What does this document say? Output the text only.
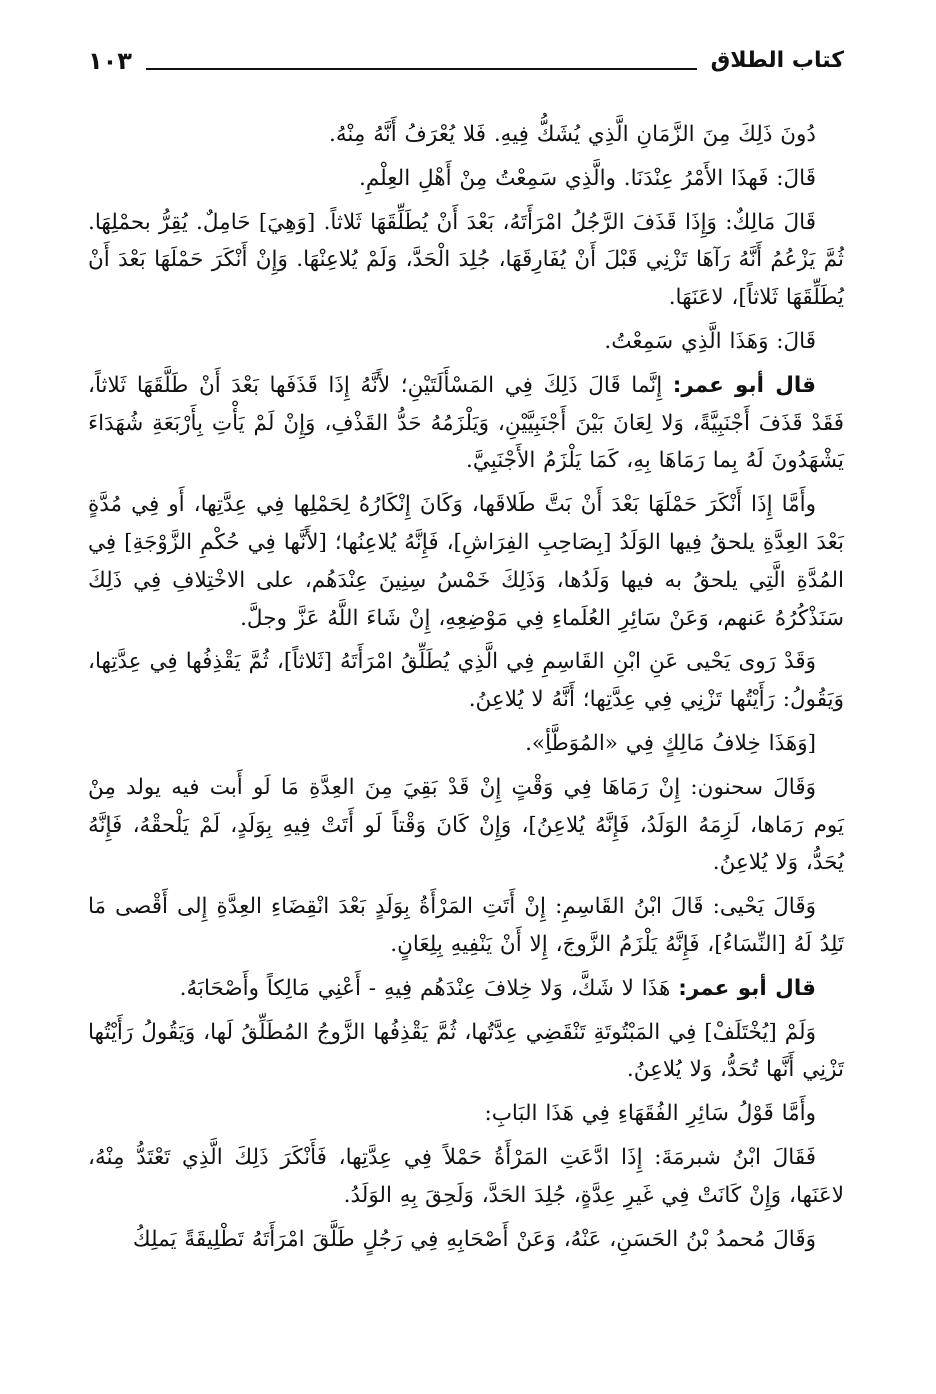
كتاب الطلاق
١٠٣

دُونَ ذَلِكَ مِنَ الزَّمَانِ الَّذِي يُشَكُّ فِيهِ. فَلا يُعْرَفُ أَنَّهُ مِنْهُ.

قَالَ: فَهذَا الأَمْرُ عِنْدَنَا. والَّذِي سَمِعْتُ مِنْ أَهْلِ العِلْمِ.

قَالَ مَالِكٌ: وَإِذَا قَذَفَ الرَّجُلُ امْرَأَتَهُ، بَعْدَ أَنْ يُطَلِّقَهَا ثَلاثاً. [وَهِيَ] حَامِلٌ. يُقِرُّ بحمْلِهَا. ثُمَّ يَزْعُمُ أَنَّهُ رَآهَا تَزْنِي قَبْلَ أَنْ يُفَارِقَهَا، جُلِدَ الْحَدَّ، وَلَمْ يُلاعِنْهَا. وَإِنْ أَنْكَرَ حَمْلَهَا بَعْدَ أَنْ يُطَلِّقَهَا ثَلاثاً]، لاعَنَهَا.

قَالَ: وَهَذَا الَّذِي سَمِعْتُ.

قال أبو عمر: إِنَّما قَالَ ذَلِكَ فِي المَسْأَلَتَيْنِ؛ لأَنَّهُ إِذَا قَذَفَها بَعْدَ أَنْ طَلَّقَهَا ثَلاثاً، فَقَدْ قَذَفَ أَجْنَبِيَّةً، وَلا لِعَانَ بَيْنَ أَجْنَبِيَّيْنِ، وَيَلْزَمُهُ حَدُّ القَذْفِ، وَإِنْ لَمْ يَأْتِ بِأَرْبَعَةِ شُهَدَاءَ يَشْهَدُونَ لَهُ بِما رَمَاهَا بِهِ، كَمَا يَلْزَمُ الأَجْنَبِيَّ.

وأَمَّا إِذَا أَنْكَرَ حَمْلَهَا بَعْدَ أَنْ بَتَّ طَلاقَها، وَكَانَ إِنْكَارُهُ لِحَمْلِها فِي عِدَّتِها، أَو فِي مُدَّةٍ بَعْدَ العِدَّةِ يلحقُ فِيها الوَلَدُ [بِصَاحِبِ الفِرَاشِ]، فَإِنَّهُ يُلاعِنُها؛ [لأَنَّها فِي حُكْمِ الزَّوْجَةِ] فِي المُدَّةِ الَّتِي يلحقُ به فيها وَلَدُها، وَذَلِكَ خَمْسُ سِنِينَ عِنْدَهُم، على الاخْتِلافِ فِي ذَلِكَ سَنَذْكُرُهُ عَنهم، وَعَنْ سَائِرِ العُلَماءِ فِي مَوْضِعِهِ، إِنْ شَاءَ اللَّهُ عَزَّ وجلَّ.

وَقَدْ رَوى يَحْيى عَنِ ابْنِ القَاسِمِ فِي الَّذِي يُطَلِّقُ امْرَأَتَهُ [ثَلاثاً]، ثُمَّ يَقْذِفُها فِي عِدَّتِها، وَيَقُولُ: رَأَيْتُها تَزْنِي فِي عِدَّتِها؛ أَنَّهُ لا يُلاعِنُ.

[وَهَذَا خِلافُ مَالِكٍ فِي «المُوَطَّأِ».

وَقَالَ سحنون: إِنْ رَمَاهَا فِي وَقْتٍ إِنْ قَدْ بَقِيَ مِنَ العِدَّةِ مَا لَو أَبت فيه يولد مِنْ يَوم رَمَاها، لَزِمَهُ الوَلَدُ، فَإِنَّهُ يُلاعِنُ]، وَإِنْ كَانَ وَقْتاً لَو أَتَتْ فِيهِ بِوَلَدٍ، لَمْ يَلْحقْهُ، فَإِنَّهُ يُحَدُّ، وَلا يُلاعِنُ.

وَقَالَ يَحْيى: قَالَ ابْنُ القَاسِمِ: إِنْ أَتَتِ المَرْأَةُ بِوَلَدٍ بَعْدَ انْقِضَاءِ العِدَّةِ إِلى أَقْصى مَا تَلِدُ لَهُ [النِّسَاءُ]، فَإِنَّهُ يَلْزَمُ الزَّوجَ، إِلا أَنْ يَنْفِيهِ بِلِعَانٍ.

قال أبو عمر: هَذَا لا شَكَّ، وَلا خِلافَ عِنْدَهُم فِيهِ - أَعْنِي مَالِكاً وأَصْحَابَهُ.

وَلَمْ [يُخْتَلَفْ] فِي المَبْتُوتَةِ تَنْقَضِي عِدَّتُها، ثُمَّ يَقْذِفُها الزَّوجُ المُطَلِّقُ لَها، وَيَقُولُ رَأَيْتُها تَزْنِي أَنَّها تُحَدُّ، وَلا يُلاعِنُ.

وأَمَّا قَوْلُ سَائِرِ الفُقَهَاءِ فِي هَذَا البَابِ:

فَقَالَ ابْنُ شبرمَةَ: إِذَا ادَّعَتِ المَرْأَةُ حَمْلاً فِي عِدَّتِها، فَأَنْكَرَ ذَلِكَ الَّذِي تَعْتَدُّ مِنْهُ، لاعَنَها، وَإِنْ كَانَتْ فِي غَيرِ عِدَّةٍ، جُلِدَ الحَدَّ، وَلَحِقَ بِهِ الوَلَدُ.

وَقَالَ مُحمدُ بْنُ الحَسَنِ، عَنْهُ، وَعَنْ أَصْحَابِهِ فِي رَجُلٍ طَلَّقَ امْرَأَتَهُ تَطْلِيقَةً يَملِكُ
